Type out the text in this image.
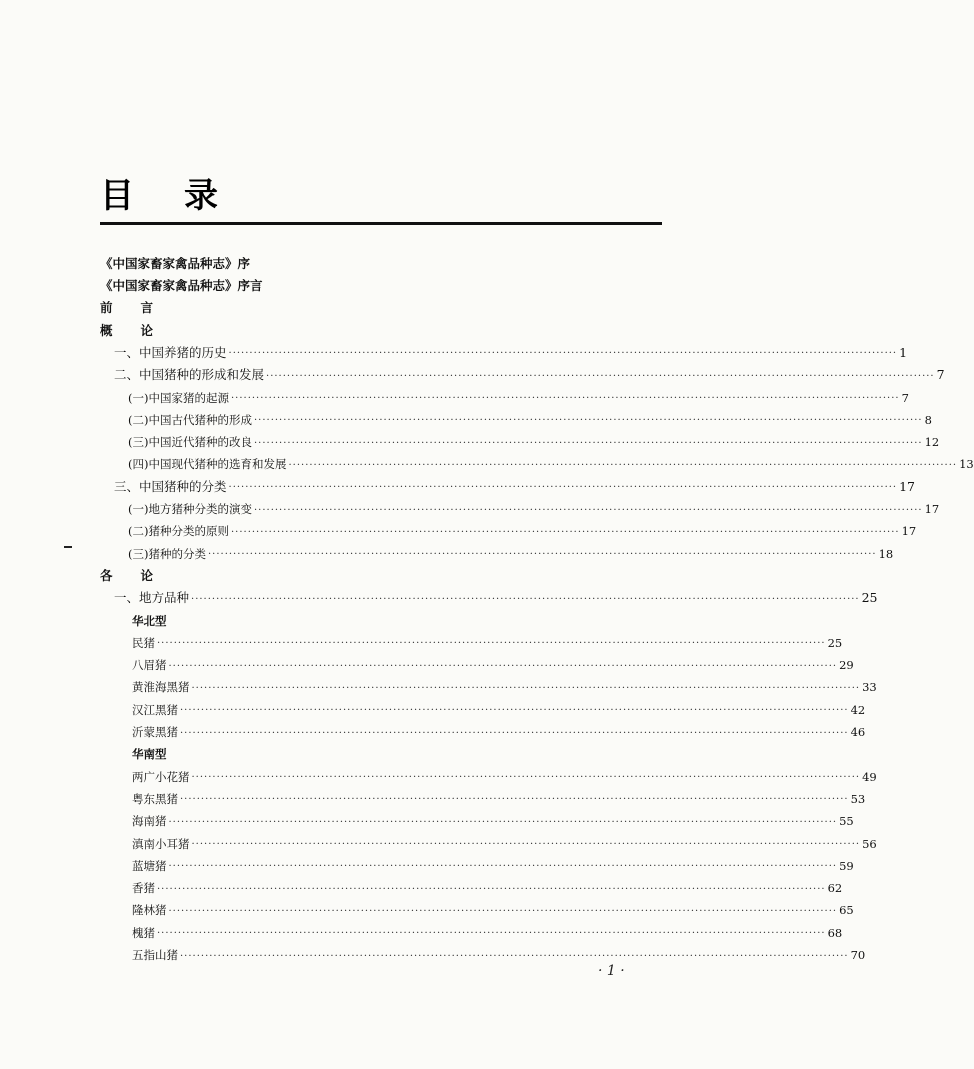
目 录
《中国家畜家禽品种志》序
《中国家畜家禽品种志》序言
前言
概论
一、中国养猪的历史 ································································································································································ 1
二、中国猪种的形成和发展 ································································································································································ 7
(一)中国家猪的起源 ································································································································································ 7
(二)中国古代猪种的形成 ································································································································································ 8
(三)中国近代猪种的改良 ································································································································································ 12
(四)中国现代猪种的选育和发展 ································································································································································ 13
三、中国猪种的分类 ································································································································································ 17
(一)地方猪种分类的演变 ································································································································································ 17
(二)猪种分类的原则 ································································································································································ 17
(三)猪种的分类 ································································································································································ 18
各论
一、地方品种 ································································································································································ 25
华北型
民猪 ································································································································································ 25
八眉猪 ································································································································································ 29
黄淮海黑猪 ································································································································································ 33
汉江黑猪 ································································································································································ 42
沂蒙黑猪 ································································································································································ 46
华南型
两广小花猪 ································································································································································ 49
粤东黑猪 ································································································································································ 53
海南猪 ································································································································································ 55
滇南小耳猪 ································································································································································ 56
蓝塘猪 ································································································································································ 59
香猪 ································································································································································ 62
隆林猪 ································································································································································ 65
槐猪 ································································································································································ 68
五指山猪 ································································································································································ 70
· 1 ·
